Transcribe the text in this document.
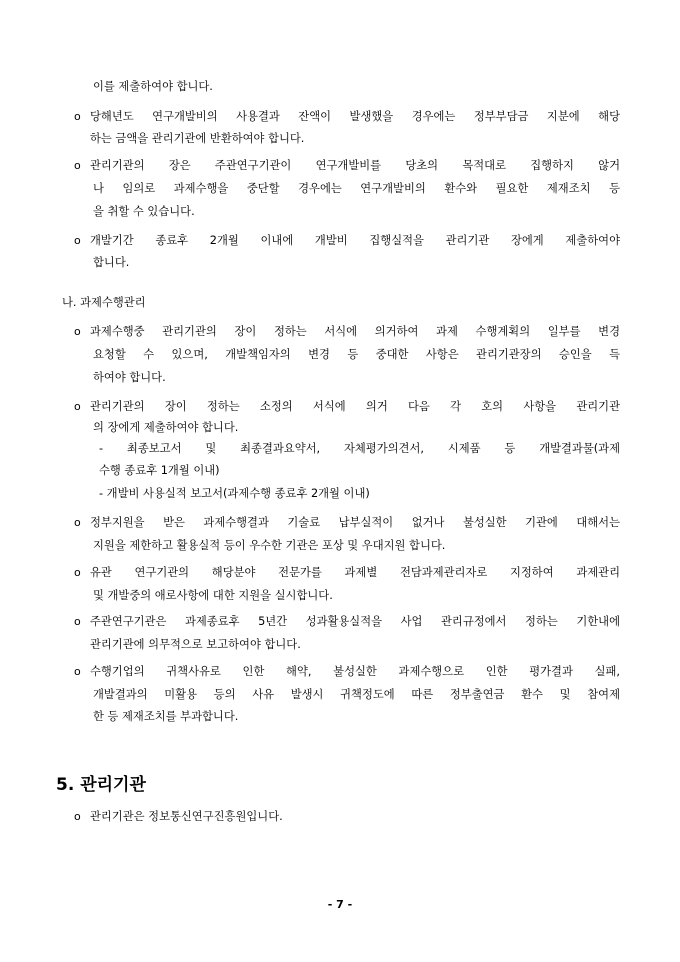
이를 제출하여야 합니다.
o 당해년도 연구개발비의 사용결과 잔액이 발생했을 경우에는 정부부담금 지분에 해당
하는 금액을 관리기관에 반환하여야 합니다.
o 관리기관의 장은 주관연구기관이 연구개발비를 당초의 목적대로 집행하지 않거
나 임의로 과제수행을 중단할 경우에는 연구개발비의 환수와 필요한 제재조치 등
을 취할 수 있습니다.
o 개발기간 종료후 2개월 이내에 개발비 집행실적을 관리기관 장에게 제출하여야
합니다.
나. 과제수행관리
o 과제수행중 관리기관의 장이 정하는 서식에 의거하여 과제 수행계획의 일부를 변경
요청할 수 있으며, 개발책임자의 변경 등 중대한 사항은 관리기관장의 승인을 득
하여야 합니다.
o 관리기관의 장이 정하는 소정의 서식에 의거 다음 각 호의 사항을 관리기관
의 장에게 제출하여야 합니다.
- 최종보고서 및 최종결과요약서, 자체평가의견서, 시제품 등 개발결과물(과제
수행 종료후 1개월 이내)
- 개발비 사용실적 보고서(과제수행 종료후 2개월 이내)
o 정부지원을 받은 과제수행결과 기술료 납부실적이 없거나 불성실한 기관에 대해서는
지원을 제한하고 활용실적 등이 우수한 기관은 포상 및 우대지원 합니다.
o 유관 연구기관의 해당분야 전문가를 과제별 전담과제관리자로 지정하여 과제관리
및 개발중의 애로사항에 대한 지원을 실시합니다.
o 주관연구기관은 과제종료후 5년간 성과활용실적을 사업 관리규정에서 정하는 기한내에
관리기관에 의무적으로 보고하여야 합니다.
o 수행기업의 귀책사유로 인한 해약, 불성실한 과제수행으로 인한 평가결과 실패,
개발결과의 미활용 등의 사유 발생시 귀책정도에 따른 정부출연금 환수 및 참여제
한 등 제재조치를 부과합니다.
5. 관리기관
o 관리기관은 정보통신연구진흥원입니다.
- 7 -
